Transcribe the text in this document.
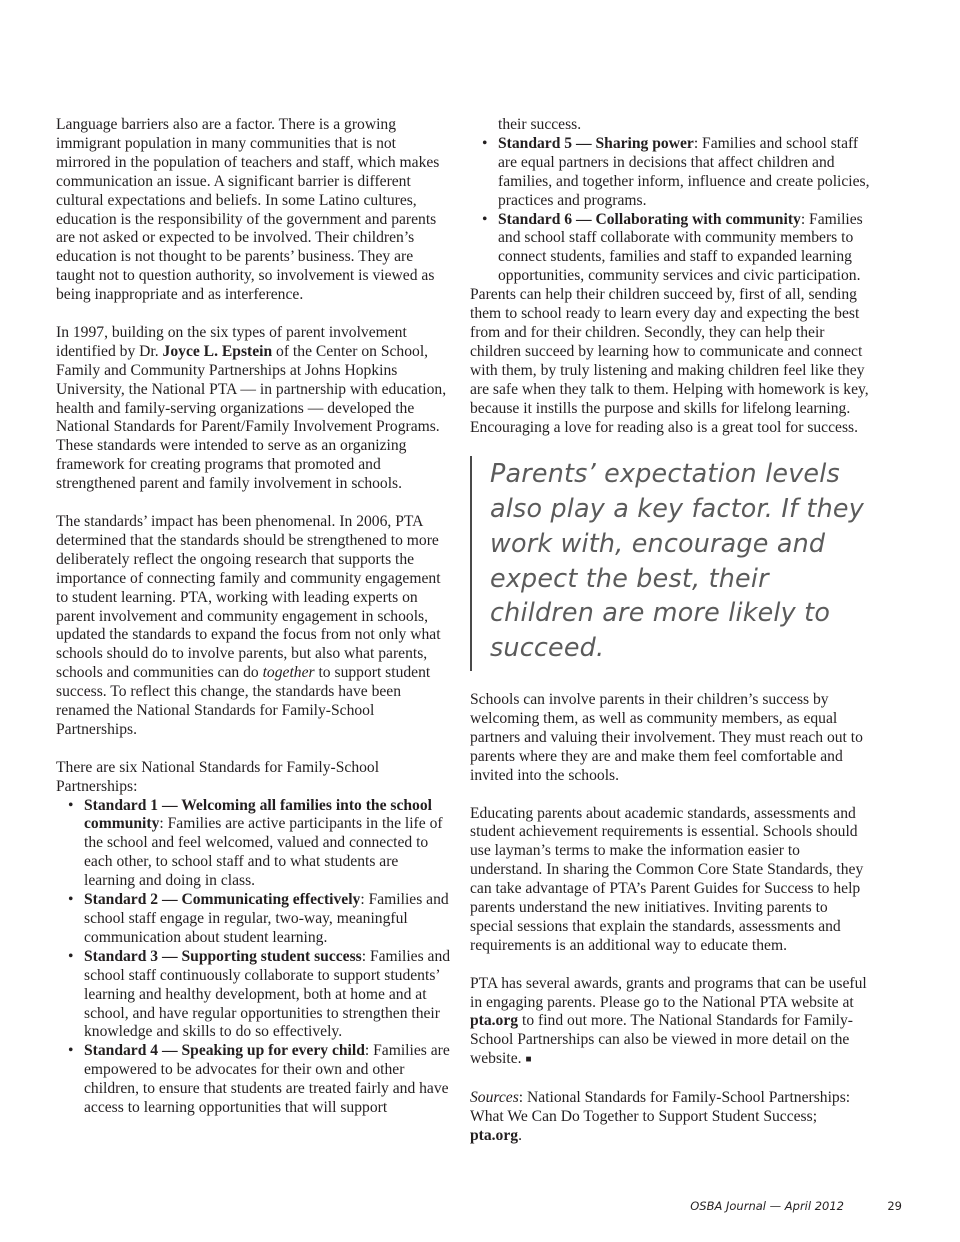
Language barriers also are a factor. There is a growing immigrant population in many communities that is not mirrored in the population of teachers and staff, which makes communication an issue. A significant barrier is different cultural expectations and beliefs. In some Latino cultures, education is the responsibility of the government and parents are not asked or expected to be involved. Their children’s education is not thought to be parents’ business. They are taught not to question authority, so involvement is viewed as being inappropriate and as interference.

In 1997, building on the six types of parent involvement identified by Dr. Joyce L. Epstein of the Center on School, Family and Community Partnerships at Johns Hopkins University, the National PTA — in partnership with education, health and family-serving organizations — developed the National Standards for Parent/Family Involvement Programs. These standards were intended to serve as an organizing framework for creating programs that promoted and strengthened parent and family involvement in schools.

The standards’ impact has been phenomenal. In 2006, PTA determined that the standards should be strengthened to more deliberately reflect the ongoing research that supports the importance of connecting family and community engagement to student learning. PTA, working with leading experts on parent involvement and community engagement in schools, updated the standards to expand the focus from not only what schools should do to involve parents, but also what parents, schools and communities can do together to support student success. To reflect this change, the standards have been renamed the National Standards for Family-School Partnerships.

There are six National Standards for Family-School Partnerships:

• Standard 1 — Welcoming all families into the school community: Families are active participants in the life of the school and feel welcomed, valued and connected to each other, to school staff and to what students are learning and doing in class.
• Standard 2 — Communicating effectively: Families and school staff engage in regular, two-way, meaningful communication about student learning.
• Standard 3 — Supporting student success: Families and school staff continuously collaborate to support students’ learning and healthy development, both at home and at school, and have regular opportunities to strengthen their knowledge and skills to do so effectively.
• Standard 4 — Speaking up for every child: Families are empowered to be advocates for their own and other children, to ensure that students are treated fairly and have access to learning opportunities that will support
their success.
• Standard 5 — Sharing power: Families and school staff are equal partners in decisions that affect children and families, and together inform, influence and create policies, practices and programs.
• Standard 6 — Collaborating with community: Families and school staff collaborate with community members to connect students, families and staff to expanded learning opportunities, community services and civic participation.

Parents can help their children succeed by, first of all, sending them to school ready to learn every day and expecting the best from and for their children. Secondly, they can help their children succeed by learning how to communicate and connect with them, by truly listening and making children feel like they are safe when they talk to them. Helping with homework is key, because it instills the purpose and skills for lifelong learning. Encouraging a love for reading also is a great tool for success.

Parents’ expectation levels also play a key factor. If they work with, encourage and expect the best, their children are more likely to succeed.

Schools can involve parents in their children’s success by welcoming them, as well as community members, as equal partners and valuing their involvement. They must reach out to parents where they are and make them feel comfortable and invited into the schools.

Educating parents about academic standards, assessments and student achievement requirements is essential. Schools should use layman’s terms to make the information easier to understand. In sharing the Common Core State Standards, they can take advantage of PTA’s Parent Guides for Success to help parents understand the new initiatives. Inviting parents to special sessions that explain the standards, assessments and requirements is an additional way to educate them.

PTA has several awards, grants and programs that can be useful in engaging parents. Please go to the National PTA website at pta.org to find out more. The National Standards for Family-School Partnerships can also be viewed in more detail on the website. ■

Sources: National Standards for Family-School Partnerships: What We Can Do Together to Support Student Success; pta.org.

OSBA Journal — April 2012	29
